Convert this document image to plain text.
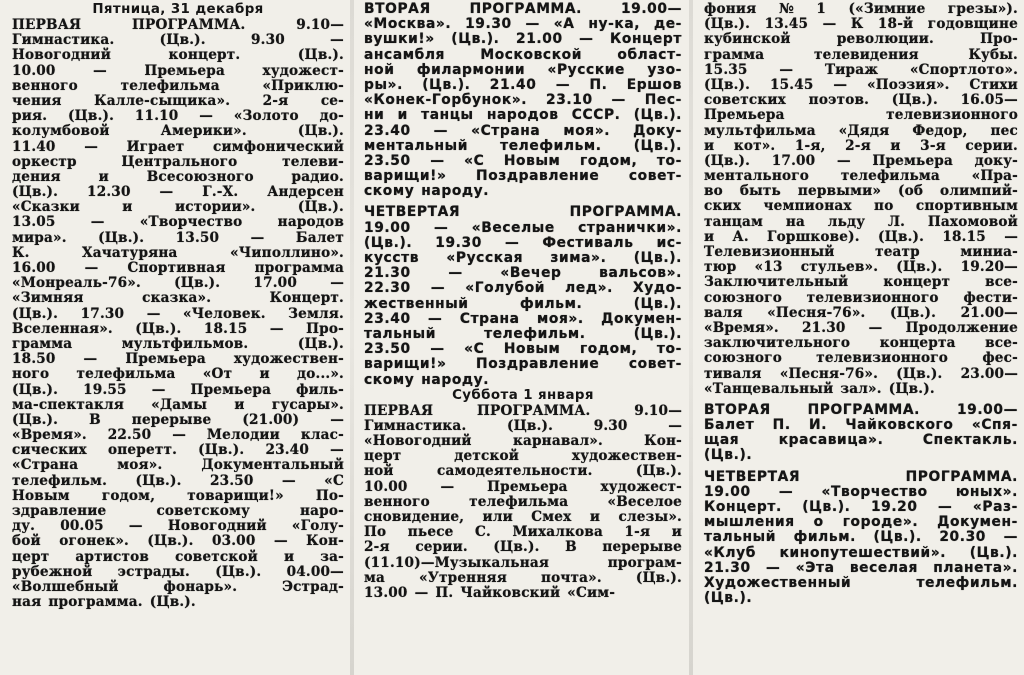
Пятница, 31 декабря
ПЕРВАЯ	ПРОГРАММА.	9.10—
Гимнастика.	(Цв.).	9.30	—
Новогодний	концерт.	(Цв.).
10.00	—	Премьера	художест-
венного	телефильма	«Приклю-
чения Калле-сыщика». 2-я се-
рия. (Цв.). 11.10 — «Золото до-
колумбовой	Америки».	(Цв.).
11.40 — Играет симфонический
оркестр	Центрального	телеви-
дения	и	Всесоюзного	радио.
(Цв.). 12.30 — Г.-Х. Андерсен
«Сказки	и	истории».	(Цв.).
13.05	—	«Творчество	народов
мира». (Цв.). 13.50 — Балет
К.	Хачатуряна	«Чиполлино».
16.00 — Спортивная программа
«Монреаль-76». (Цв.). 17.00 —
«Зимняя	сказка».	Концерт.
(Цв.). 17.30 — «Человек. Земля.
Вселенная». (Цв.). 18.15 — Про-
грамма	мультфильмов.	(Цв.).
18.50 — Премьера художествен-
ного телефильма «От и до...».
(Цв.). 19.55 — Премьера филь-
ма-спектакля «Дамы и гусары».
(Цв.). В перерыве (21.00) —
«Время». 22.50 — Мелодии клас-
сических оперетт. (Цв.). 23.40 —
«Страна	моя».	Документальный
телефильм. (Цв.). 23.50 — «С
Новым годом, товарищи!» По-
здравление	советскому	наро-
ду. 00.05 — Новогодний «Голу-
бой огонек». (Цв.). 03.00 — Кон-
церт артистов советской и за-
рубежной эстрады. (Цв.). 04.00—
«Волшебный	фонарь».	Эстрад-
ная программа. (Цв.).
ВТОРАЯ	ПРОГРАММА.	19.00—
«Москва». 19.30 — «А ну-ка, де-
вушки!» (Цв.). 21.00 — Концерт
ансамбля	Московской	област-
ной филармонии «Русские узо-
ры». (Цв.). 21.40 — П. Ершов
«Конек-Горбунок». 23.10 — Пес-
ни и танцы народов СССР. (Цв.).
23.40 — «Страна моя». Доку-
ментальный телефильм. (Цв.).
23.50 — «С Новым годом, то-
варищи!» Поздравление совет-
скому народу.
ЧЕТВЕРТАЯ	ПРОГРАММА.
19.00 — «Веселые странички».
(Цв.). 19.30 — Фестиваль ис-
кусств «Русская зима». (Цв.).
21.30	—	«Вечер	вальсов».
22.30 — «Голубой лед». Худо-
жественный	фильм.	(Цв.).
23.40 — Страна моя». Докумен-
тальный	телефильм.	(Цв.).
23.50 — «С Новым годом, то-
варищи!» Поздравление совет-
скому народу.
Суббота 1 января
ПЕРВАЯ	ПРОГРАММА.	9.10—
Гимнастика.	(Цв.).	9.30	—
«Новогодний	карнавал».	Кон-
церт	детской	художествен-
ной	самодеятельности.	(Цв.).
10.00 — Премьера художест-
венного	телефильма	«Веселое
сновидение, или Смех и слезы».
По пьесе С. Михалкова 1-я и
2-я серии. (Цв.). В перерыве
(11.10)—Музыкальная	програм-
ма	«Утренняя	почта».	(Цв.).
13.00 — П. Чайковский «Сим-
фония № 1 («Зимние грезы»).
(Цв.). 13.45 — К 18-й годовщине
кубинской	революции.	Про-
грамма	телевидения	Кубы.
15.35 — Тираж «Спортлото».
(Цв.). 15.45 — «Поэзия». Стихи
советских поэтов. (Цв.). 16.05—
Премьера	телевизионного
мультфильма «Дядя Федор, пес
и кот». 1-я, 2-я и 3-я серии.
(Цв.). 17.00 — Премьера доку-
ментального телефильма «Пра-
во быть первыми» (об олимпий-
ских чемпионах по спортивным
танцам на льду Л. Пахомовой
и А. Горшкове). (Цв.). 18.15 —
Телевизионный	театр	миниа-
тюр «13 стульев». (Цв.). 19.20—
Заключительный	концерт	все-
союзного телевизионного фести-
валя «Песня-76». (Цв.). 21.00—
«Время». 21.30 — Продолжение
заключительного концерта все-
союзного	телевизионного	фес-
тиваля «Песня-76». (Цв.). 23.00—
«Танцевальный зал». (Цв.).
ВТОРАЯ	ПРОГРАММА.	19.00—
Балет П. И. Чайковского «Спя-
щая	красавица».	Спектакль.
(Цв.).
ЧЕТВЕРТАЯ	ПРОГРАММА.
19.00 — «Творчество юных».
Концерт. (Цв.). 19.20 — «Раз-
мышления о городе». Докумен-
тальный фильм. (Цв.). 20.30 —
«Клуб кинопутешествий». (Цв.).
21.30 — «Эта веселая планета».
Художественный	телефильм.
(Цв.).
